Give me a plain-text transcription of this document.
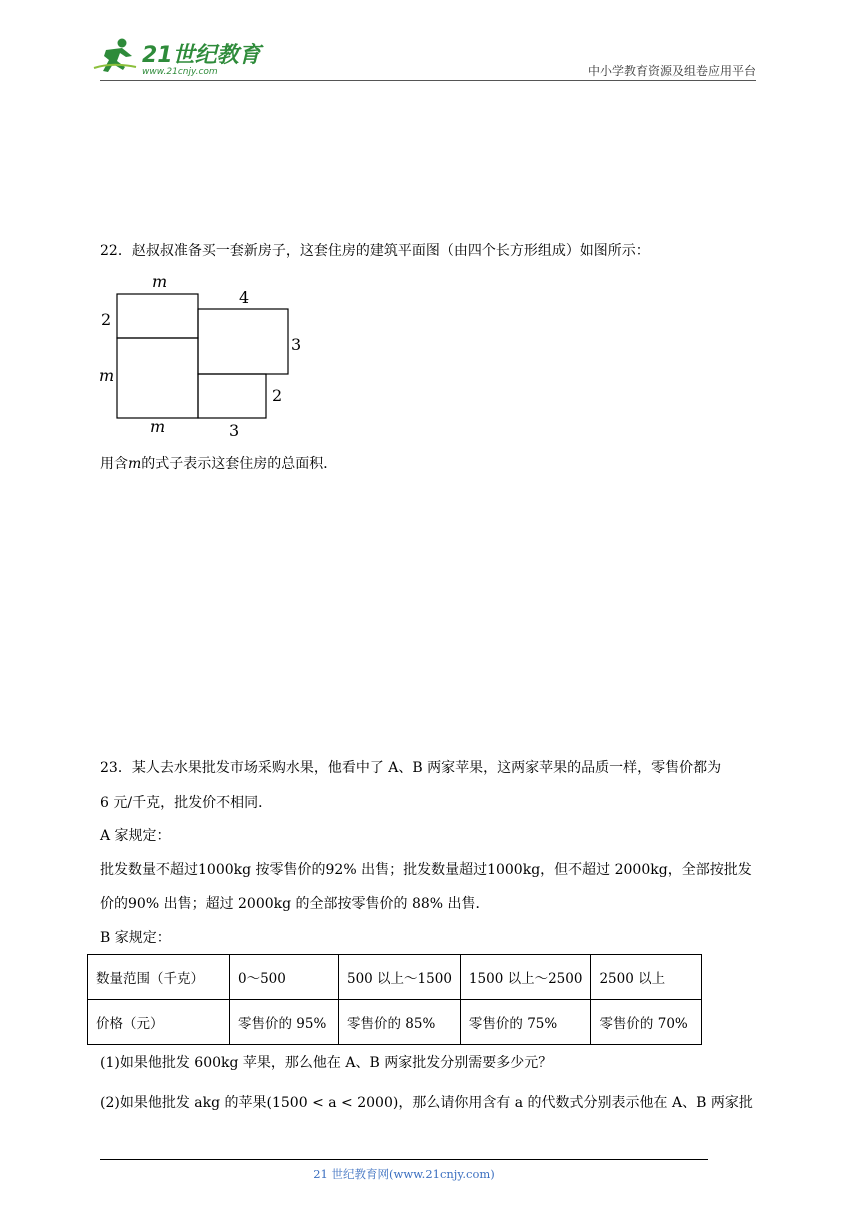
21世纪教育
www.21cnjy.com	中小学教育资源及组卷应用平台
22．赵叔叔准备买一套新房子，这套住房的建筑平面图（由四个长方形组成）如图所示：
m
4
2
3
m
2
m	3
用含m的式子表示这套住房的总面积．
23．某人去水果批发市场采购水果，他看中了 A、B 两家苹果，这两家苹果的品质一样，零售价都为
6 元/千克，批发价不相同．
A 家规定：
批发数量不超过1000kg 按零售价的92% 出售；批发数量超过1000kg，但不超过 2000kg，全部按批发
价的90% 出售；超过 2000kg 的全部按零售价的 88% 出售．
B 家规定：
数量范围（千克）	0～500	500 以上～1500	1500 以上～2500	2500 以上
价格（元）	零售价的 95%	零售价的 85%	零售价的 75%	零售价的 70%
(1)如果他批发 600kg 苹果，那么他在 A、B 两家批发分别需要多少元？
(2)如果他批发 akg 的苹果(1500 < a < 2000)，那么请你用含有 a 的代数式分别表示他在 A、B 两家批
21 世纪教育网(www.21cnjy.com)
